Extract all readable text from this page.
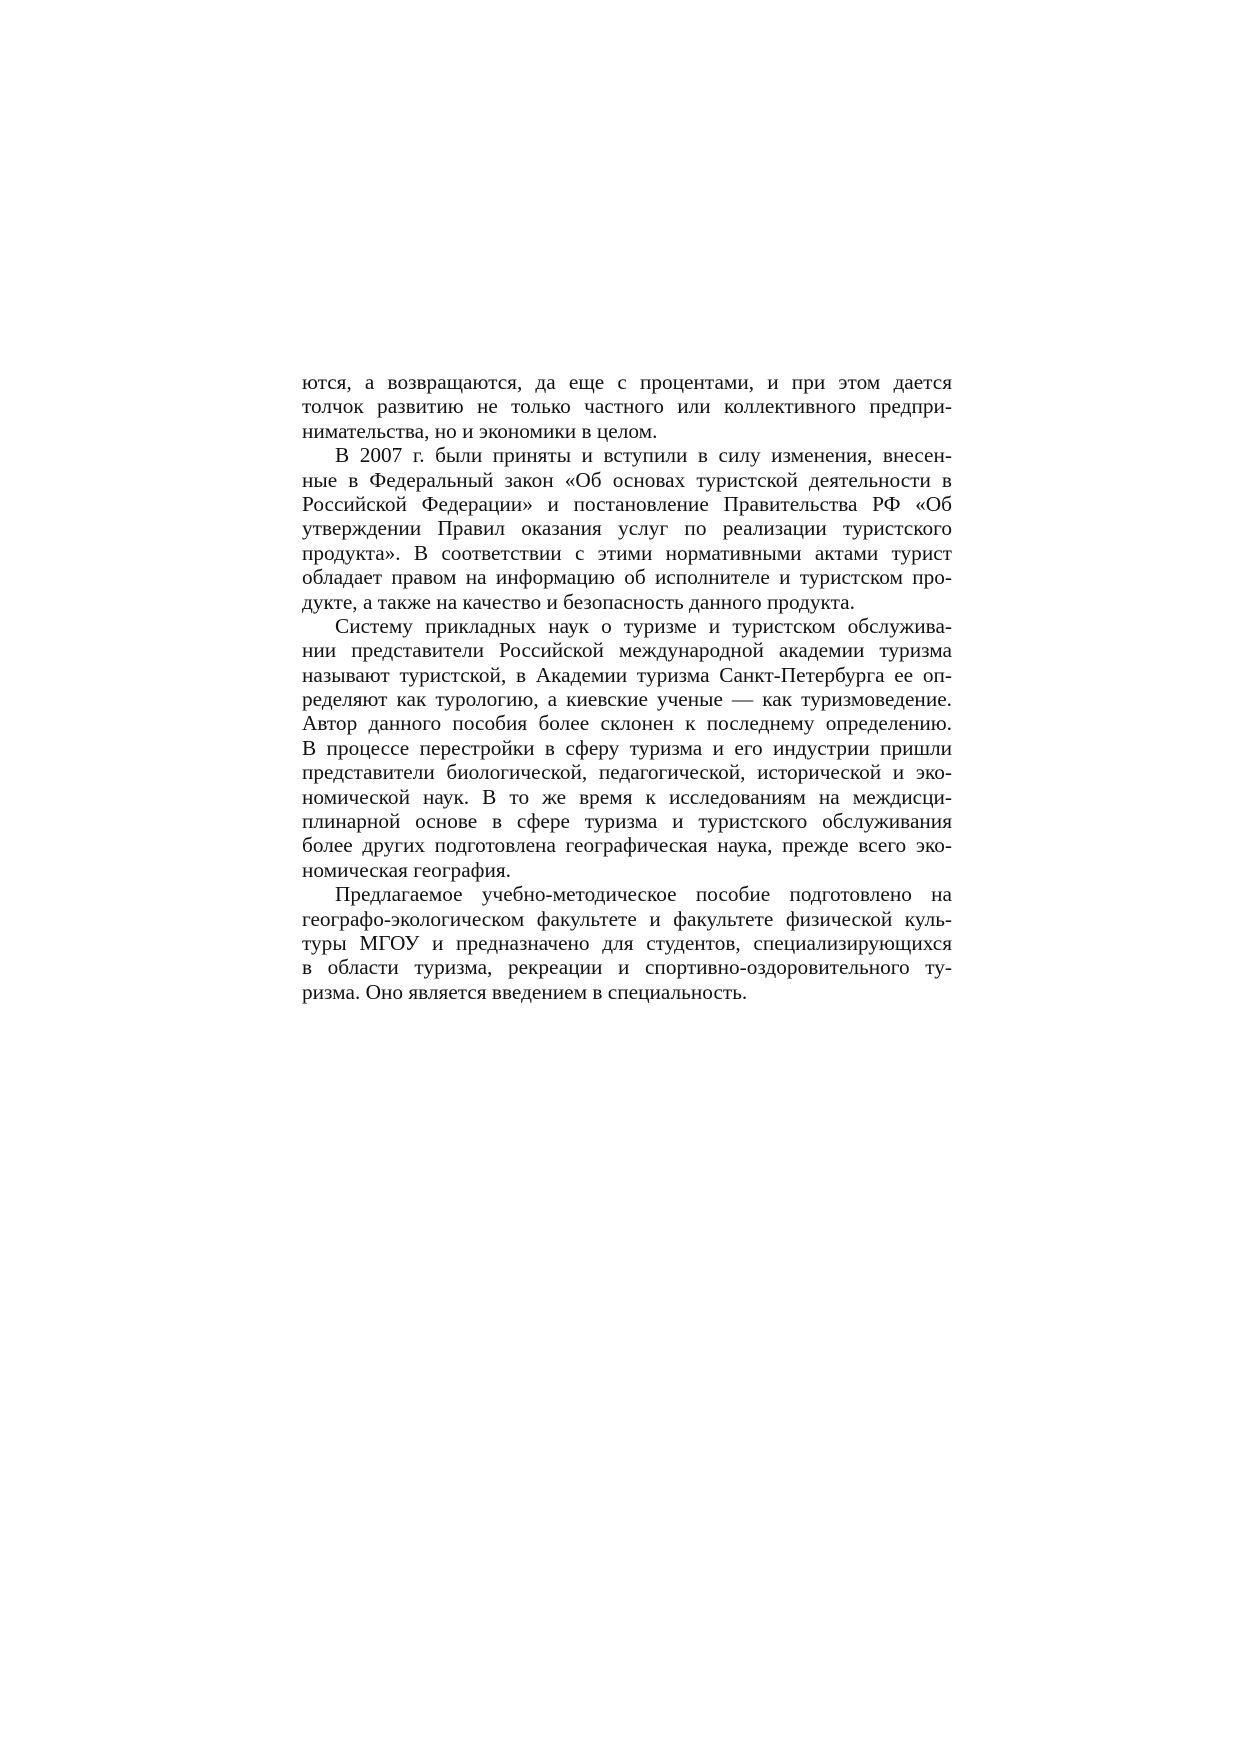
ются, а возвращаются, да еще с процентами, и при этом дается
толчок развитию не только частного или коллективного предпри-
нимательства, но и экономики в целом.
В 2007 г. были приняты и вступили в силу изменения, внесен-
ные в Федеральный закон «Об основах туристской деятельности в
Российской Федерации» и постановление Правительства РФ «Об
утверждении Правил оказания услуг по реализации туристского
продукта». В соответствии с этими нормативными актами турист
обладает правом на информацию об исполнителе и туристском про-
дукте, а также на качество и безопасность данного продукта.
Систему прикладных наук о туризме и туристском обслужива-
нии представители Российской международной академии туризма
называют туристской, в Академии туризма Санкт-Петербурга ее оп-
ределяют как турологию, а киевские ученые — как туризмоведение.
Автор данного пособия более склонен к последнему определению.
В процессе перестройки в сферу туризма и его индустрии пришли
представители биологической, педагогической, исторической и эко-
номической наук. В то же время к исследованиям на междисци-
плинарной основе в сфере туризма и туристского обслуживания
более других подготовлена географическая наука, прежде всего эко-
номическая география.
Предлагаемое учебно-методическое пособие подготовлено на
географо-экологическом факультете и факультете физической куль-
туры МГОУ и предназначено для студентов, специализирующихся
в области туризма, рекреации и спортивно-оздоровительного ту-
ризма. Оно является введением в специальность.
